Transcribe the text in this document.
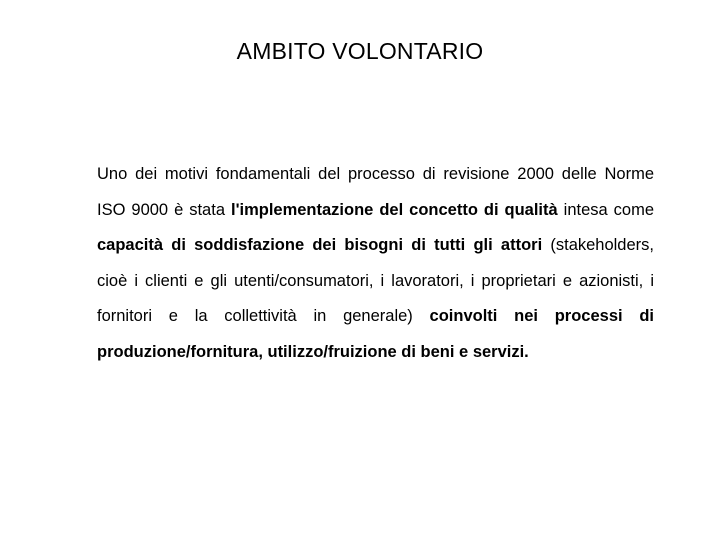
AMBITO VOLONTARIO

Uno dei motivi fondamentali del processo di revisione 2000 delle Norme ISO 9000 è stata l'implementazione del concetto di qualità intesa come capacità di soddisfazione dei bisogni di tutti gli attori (stakeholders, cioè i clienti e gli utenti/consumatori, i lavoratori, i proprietari e azionisti, i fornitori e la collettività in generale) coinvolti nei processi di produzione/fornitura, utilizzo/fruizione di beni e servizi.
